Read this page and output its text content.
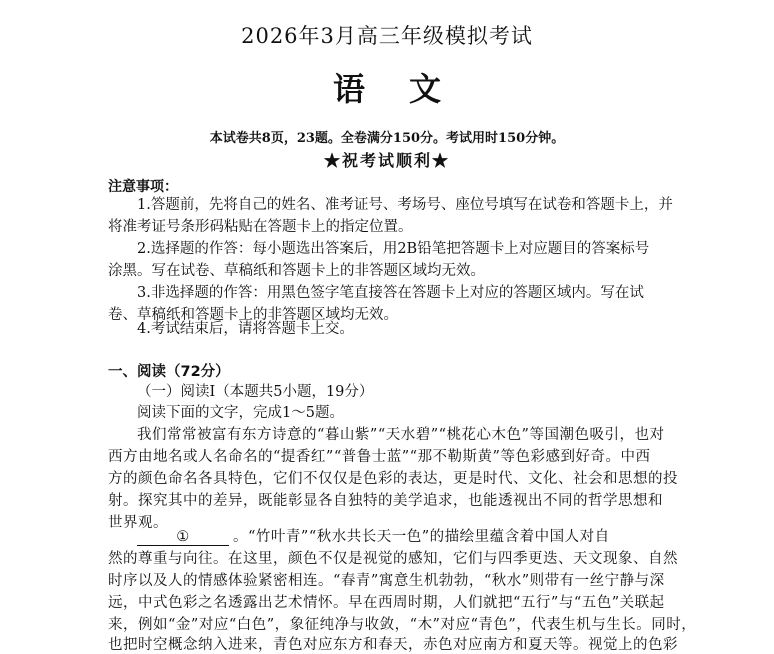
2026年3月高三年级模拟考试
语文
本试卷共8页，23题。全卷满分150分。考试用时150分钟。
★祝考试顺利★
注意事项：
1.答题前，先将自己的姓名、准考证号、考场号、座位号填写在试卷和答题卡上，并
将准考证号条形码粘贴在答题卡上的指定位置。
2.选择题的作答：每小题选出答案后，用2B铅笔把答题卡上对应题目的答案标号
涂黑。写在试卷、草稿纸和答题卡上的非答题区域均无效。
3.非选择题的作答：用黑色签字笔直接答在答题卡上对应的答题区域内。写在试
卷、草稿纸和答题卡上的非答题区域均无效。
4.考试结束后，请将答题卡上交。
一、阅读（72分）
（一）阅读Ⅰ（本题共5小题，19分）
阅读下面的文字，完成1～5题。
我们常常被富有东方诗意的“暮山紫”“天水碧”“桃花心木色”等国潮色吸引，也对
西方由地名或人名命名的“提香红”“普鲁士蓝”“那不勒斯黄”等色彩感到好奇。中西
方的颜色命名各具特色，它们不仅仅是色彩的表达，更是时代、文化、社会和思想的投
射。探究其中的差异，既能彰显各自独特的美学追求，也能透视出不同的哲学思想和
世界观。
①	。“竹叶青”“秋水共长天一色”的描绘里蕴含着中国人对自
然的尊重与向往。在这里，颜色不仅是视觉的感知，它们与四季更迭、天文现象、自然
时序以及人的情感体验紧密相连。“春青”寓意生机勃勃，“秋水”则带有一丝宁静与深
远，中式色彩之名透露出艺术情怀。早在西周时期，人们就把“五行”与“五色”关联起
来，例如“金”对应“白色”，象征纯净与收敛，“木”对应“青色”，代表生机与生长。同时，
也把时空概念纳入进来，青色对应东方和春天，赤色对应南方和夏天等。视觉上的色彩
